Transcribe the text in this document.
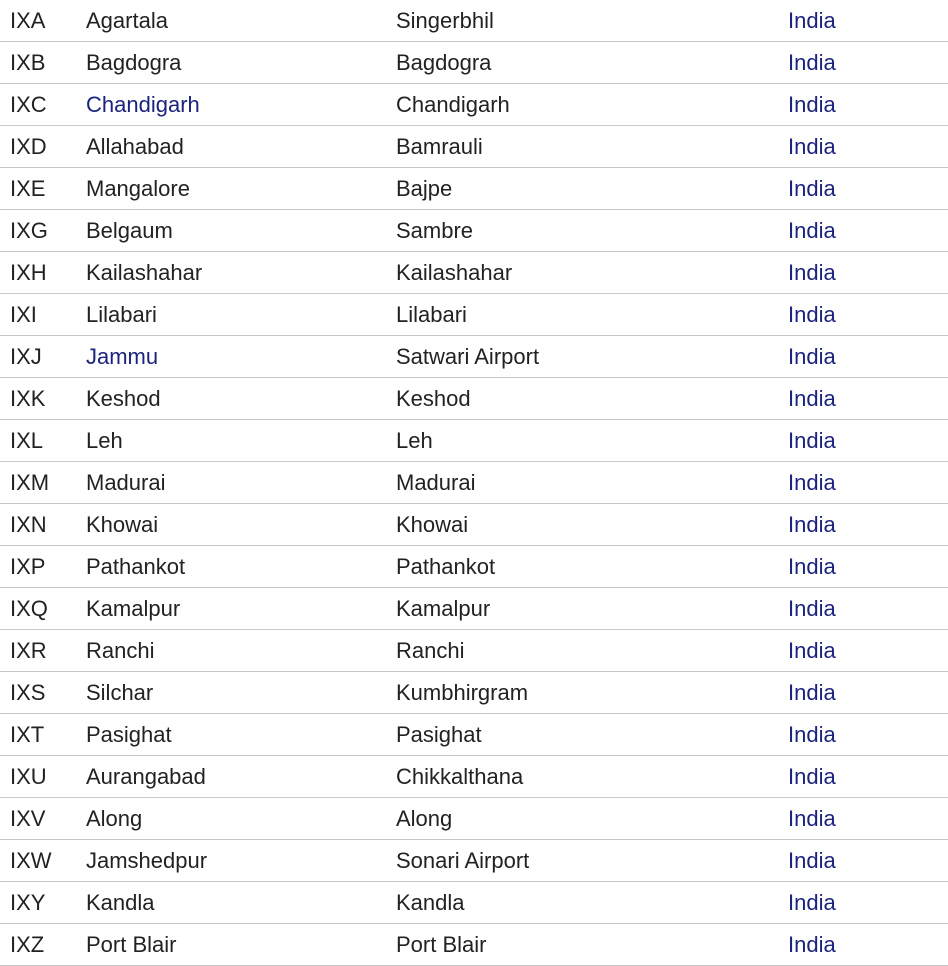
IXA	Agartala	Singerbhil	India
IXB	Bagdogra	Bagdogra	India
IXC	Chandigarh	Chandigarh	India
IXD	Allahabad	Bamrauli	India
IXE	Mangalore	Bajpe	India
IXG	Belgaum	Sambre	India
IXH	Kailashahar	Kailashahar	India
IXI	Lilabari	Lilabari	India
IXJ	Jammu	Satwari Airport	India
IXK	Keshod	Keshod	India
IXL	Leh	Leh	India
IXM	Madurai	Madurai	India
IXN	Khowai	Khowai	India
IXP	Pathankot	Pathankot	India
IXQ	Kamalpur	Kamalpur	India
IXR	Ranchi	Ranchi	India
IXS	Silchar	Kumbhirgram	India
IXT	Pasighat	Pasighat	India
IXU	Aurangabad	Chikkalthana	India
IXV	Along	Along	India
IXW	Jamshedpur	Sonari Airport	India
IXY	Kandla	Kandla	India
IXZ	Port Blair	Port Blair	India
